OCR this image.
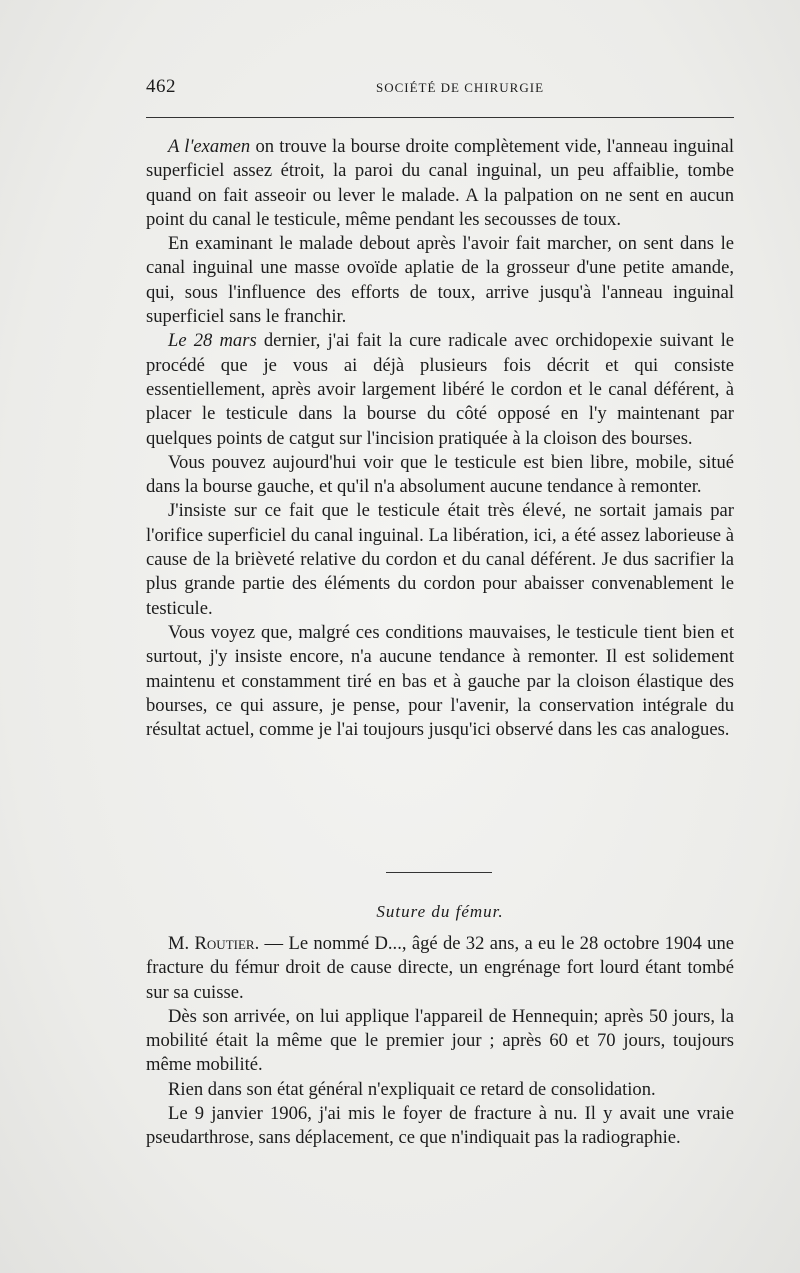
462	SOCIÉTÉ DE CHIRURGIE

A l'examen on trouve la bourse droite complètement vide, l'anneau inguinal superficiel assez étroit, la paroi du canal inguinal, un peu affaiblie, tombe quand on fait asseoir ou lever le malade. A la palpation on ne sent en aucun point du canal le testicule, même pendant les secousses de toux.

En examinant le malade debout après l'avoir fait marcher, on sent dans le canal inguinal une masse ovoïde aplatie de la grosseur d'une petite amande, qui, sous l'influence des efforts de toux, arrive jusqu'à l'anneau inguinal superficiel sans le franchir.

Le 28 mars dernier, j'ai fait la cure radicale avec orchidopexie suivant le procédé que je vous ai déjà plusieurs fois décrit et qui consiste essentiellement, après avoir largement libéré le cordon et le canal déférent, à placer le testicule dans la bourse du côté opposé en l'y maintenant par quelques points de catgut sur l'incision pratiquée à la cloison des bourses.

Vous pouvez aujourd'hui voir que le testicule est bien libre, mobile, situé dans la bourse gauche, et qu'il n'a absolument aucune tendance à remonter.

J'insiste sur ce fait que le testicule était très élevé, ne sortait jamais par l'orifice superficiel du canal inguinal. La libération, ici, a été assez laborieuse à cause de la brièveté relative du cordon et du canal déférent. Je dus sacrifier la plus grande partie des éléments du cordon pour abaisser convenablement le testicule.

Vous voyez que, malgré ces conditions mauvaises, le testicule tient bien et surtout, j'y insiste encore, n'a aucune tendance à remonter. Il est solidement maintenu et constamment tiré en bas et à gauche par la cloison élastique des bourses, ce qui assure, je pense, pour l'avenir, la conservation intégrale du résultat actuel, comme je l'ai toujours jusqu'ici observé dans les cas analogues.

Suture du fémur.

M. Routier. — Le nommé D..., âgé de 32 ans, a eu le 28 octobre 1904 une fracture du fémur droit de cause directe, un engrénage fort lourd étant tombé sur sa cuisse.

Dès son arrivée, on lui applique l'appareil de Hennequin; après 50 jours, la mobilité était la même que le premier jour ; après 60 et 70 jours, toujours même mobilité.

Rien dans son état général n'expliquait ce retard de consolidation.

Le 9 janvier 1906, j'ai mis le foyer de fracture à nu. Il y avait une vraie pseudarthrose, sans déplacement, ce que n'indiquait pas la radiographie.
